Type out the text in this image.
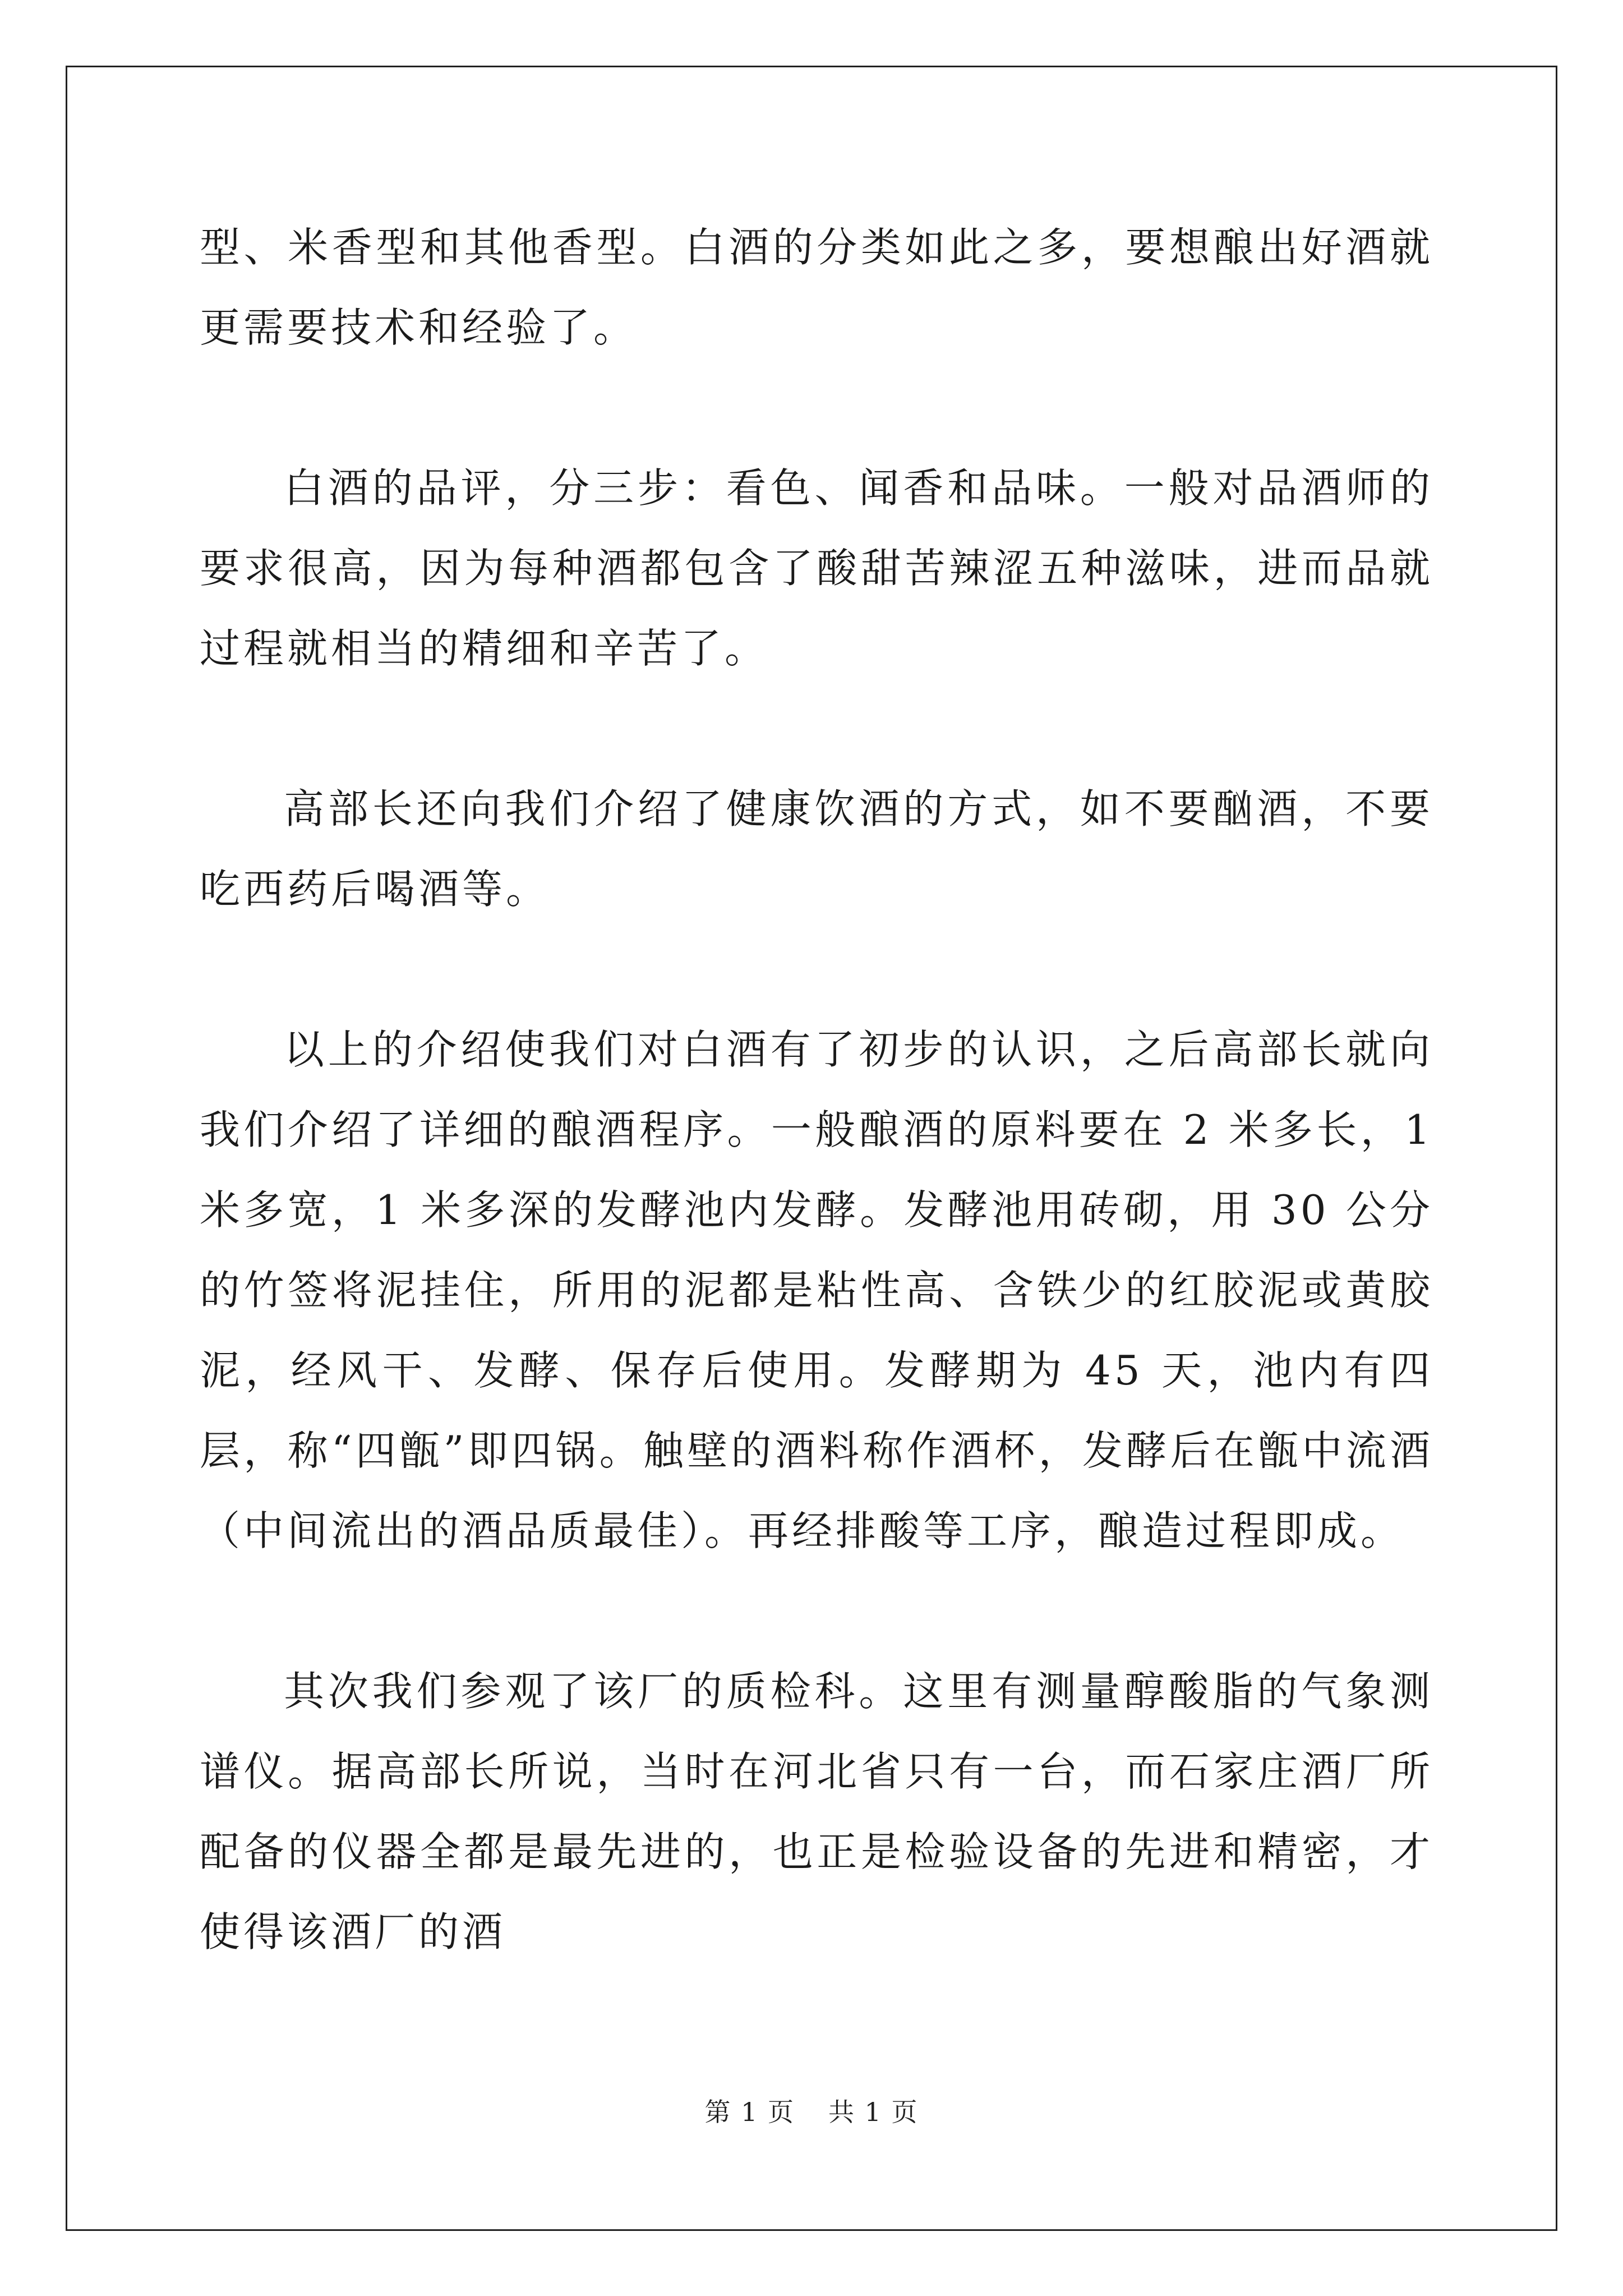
型、米香型和其他香型。白酒的分类如此之多，要想酿出好酒就更需要技术和经验了。

白酒的品评，分三步：看色、闻香和品味。一般对品酒师的要求很高，因为每种酒都包含了酸甜苦辣涩五种滋味，进而品就过程就相当的精细和辛苦了。

高部长还向我们介绍了健康饮酒的方式，如不要酗酒，不要吃西药后喝酒等。

以上的介绍使我们对白酒有了初步的认识，之后高部长就向我们介绍了详细的酿酒程序。一般酿酒的原料要在 2 米多长，1 米多宽，1 米多深的发酵池内发酵。发酵池用砖砌，用 30 公分的竹签将泥挂住，所用的泥都是粘性高、含铁少的红胶泥或黄胶泥，经风干、发酵、保存后使用。发酵期为 45 天，池内有四层，称“四甑”即四锅。触壁的酒料称作酒杯，发酵后在甑中流酒（中间流出的酒品质最佳）。再经排酸等工序，酿造过程即成。

其次我们参观了该厂的质检科。这里有测量醇酸脂的气象测谱仪。据高部长所说，当时在河北省只有一台，而石家庄酒厂所配备的仪器全都是最先进的，也正是检验设备的先进和精密，才使得该酒厂的酒

第 1 页 共 1 页
